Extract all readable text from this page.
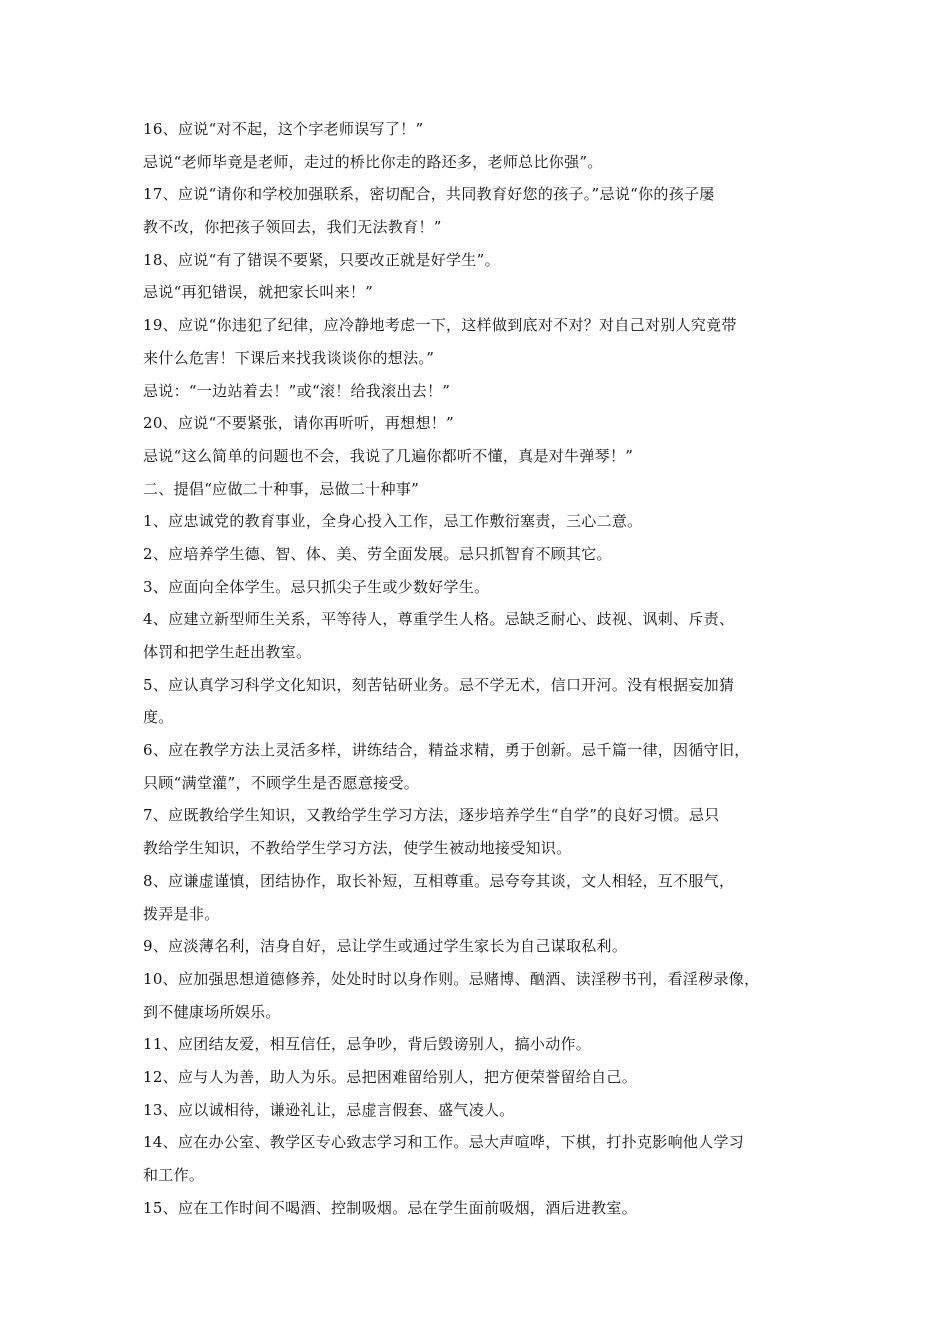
16、应说“对不起，这个字老师误写了！”
忌说“老师毕竟是老师，走过的桥比你走的路还多，老师总比你强”。
17、应说“请你和学校加强联系，密切配合，共同教育好您的孩子。”忌说“你的孩子屡
教不改，你把孩子领回去，我们无法教育！”
18、应说“有了错误不要紧，只要改正就是好学生”。
忌说“再犯错误，就把家长叫来！”
19、应说“你违犯了纪律，应冷静地考虑一下，这样做到底对不对？对自己对别人究竟带
来什么危害！下课后来找我谈谈你的想法。”
忌说：“一边站着去！”或“滚！给我滚出去！”
20、应说“不要紧张，请你再听听，再想想！”
忌说“这么简单的问题也不会，我说了几遍你都听不懂，真是对牛弹琴！”
二、提倡“应做二十种事，忌做二十种事”
1、应忠诚党的教育事业，全身心投入工作，忌工作敷衍塞责，三心二意。
2、应培养学生德、智、体、美、劳全面发展。忌只抓智育不顾其它。
3、应面向全体学生。忌只抓尖子生或少数好学生。
4、应建立新型师生关系，平等待人，尊重学生人格。忌缺乏耐心、歧视、讽刺、斥责、
体罚和把学生赶出教室。
5、应认真学习科学文化知识，刻苦钻研业务。忌不学无术，信口开河。没有根据妄加猜
度。
6、应在教学方法上灵活多样，讲练结合，精益求精，勇于创新。忌千篇一律，因循守旧，
只顾“满堂灌”，不顾学生是否愿意接受。
7、应既教给学生知识，又教给学生学习方法，逐步培养学生“自学”的良好习惯。忌只
教给学生知识，不教给学生学习方法，使学生被动地接受知识。
8、应谦虚谨慎，团结协作，取长补短，互相尊重。忌夸夸其谈，文人相轻，互不服气，
拨弄是非。
9、应淡薄名利，洁身自好，忌让学生或通过学生家长为自己谋取私利。
10、应加强思想道德修养，处处时时以身作则。忌赌博、酗酒、读淫秽书刊，看淫秽录像，
到不健康场所娱乐。
11、应团结友爱，相互信任，忌争吵，背后毁谤别人，搞小动作。
12、应与人为善，助人为乐。忌把困难留给别人，把方便荣誉留给自己。
13、应以诚相待，谦逊礼让，忌虚言假套、盛气凌人。
14、应在办公室、教学区专心致志学习和工作。忌大声喧哗，下棋，打扑克影响他人学习
和工作。
15、应在工作时间不喝酒、控制吸烟。忌在学生面前吸烟，酒后进教室。
